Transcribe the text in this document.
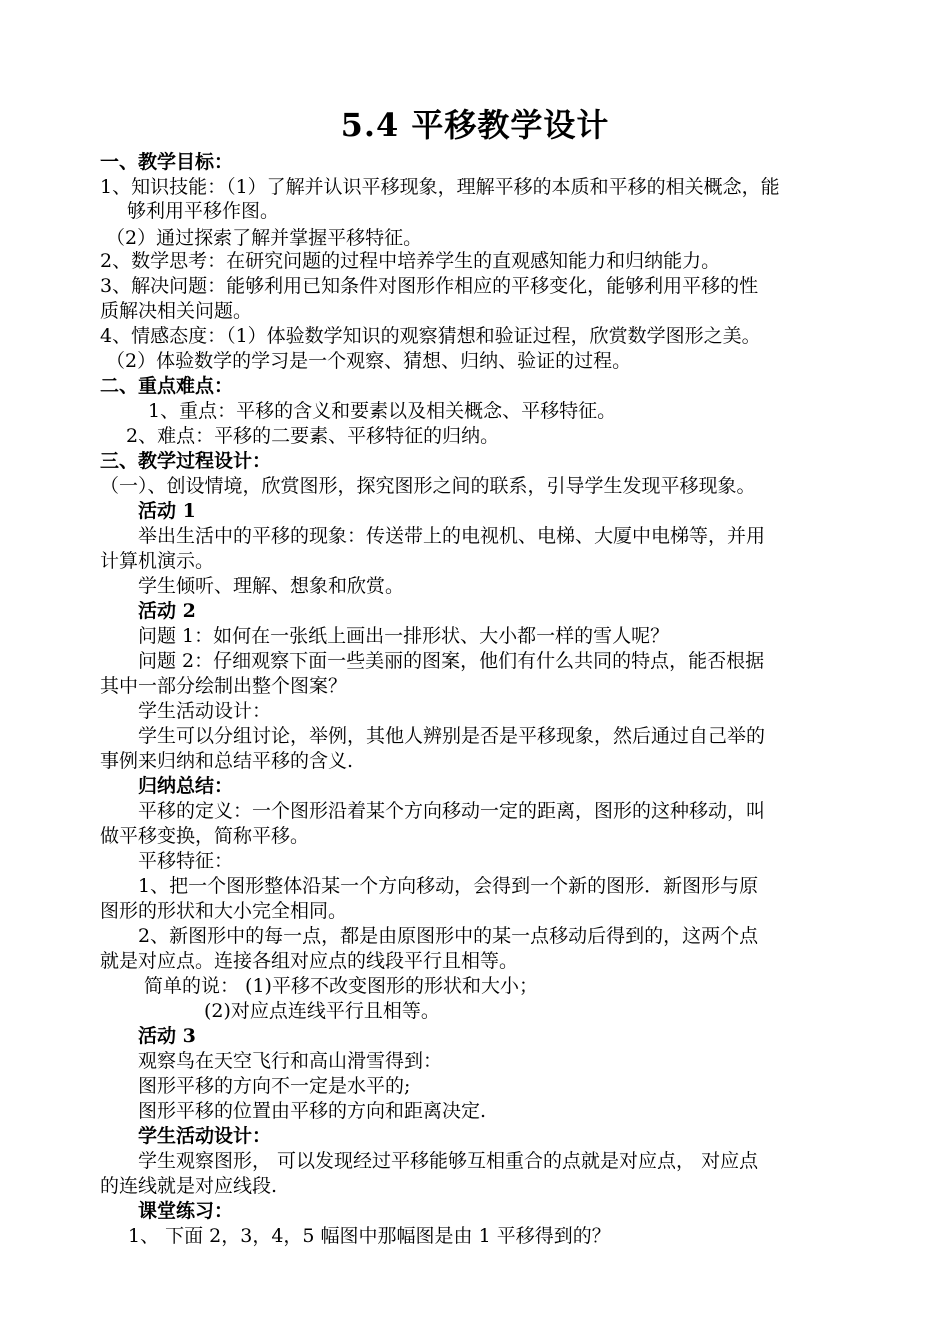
5.4 平移教学设计
一、教学目标：
1、知识技能：（1）了解并认识平移现象，理解平移的本质和平移的相关概念，能
够利用平移作图。
（2）通过探索了解并掌握平移特征。
2、数学思考：在研究问题的过程中培养学生的直观感知能力和归纳能力。
3、解决问题：能够利用已知条件对图形作相应的平移变化，能够利用平移的性
质解决相关问题。
4、情感态度：（1）体验数学知识的观察猜想和验证过程，欣赏数学图形之美。
（2）体验数学的学习是一个观察、猜想、归纳、验证的过程。
二、重点难点：
1、重点：平移的含义和要素以及相关概念、平移特征。
2、难点：平移的二要素、平移特征的归纳。
三、教学过程设计：
（一）、创设情境，欣赏图形，探究图形之间的联系，引导学生发现平移现象。
活动 1
举出生活中的平移的现象：传送带上的电视机、电梯、大厦中电梯等，并用
计算机演示。
学生倾听、理解、想象和欣赏。
活动 2
问题 1：如何在一张纸上画出一排形状、大小都一样的雪人呢？
问题 2：仔细观察下面一些美丽的图案，他们有什么共同的特点，能否根据
其中一部分绘制出整个图案？
学生活动设计：
学生可以分组讨论，举例，其他人辨别是否是平移现象，然后通过自己举的
事例来归纳和总结平移的含义.
归纳总结：
平移的定义：一个图形沿着某个方向移动一定的距离，图形的这种移动，叫
做平移变换，简称平移。
平移特征：
1、把一个图形整体沿某一个方向移动，会得到一个新的图形．新图形与原
图形的形状和大小完全相同。
2、新图形中的每一点，都是由原图形中的某一点移动后得到的，这两个点
就是对应点。连接各组对应点的线段平行且相等。
简单的说： (1)平移不改变图形的形状和大小；
(2)对应点连线平行且相等。
活动 3
观察鸟在天空飞行和高山滑雪得到：
图形平移的方向不一定是水平的;
图形平移的位置由平移的方向和距离决定.
学生活动设计：
学生观察图形， 可以发现经过平移能够互相重合的点就是对应点， 对应点
的连线就是对应线段.
课堂练习：
1、 下面 2，3，4，5 幅图中那幅图是由 1 平移得到的？
